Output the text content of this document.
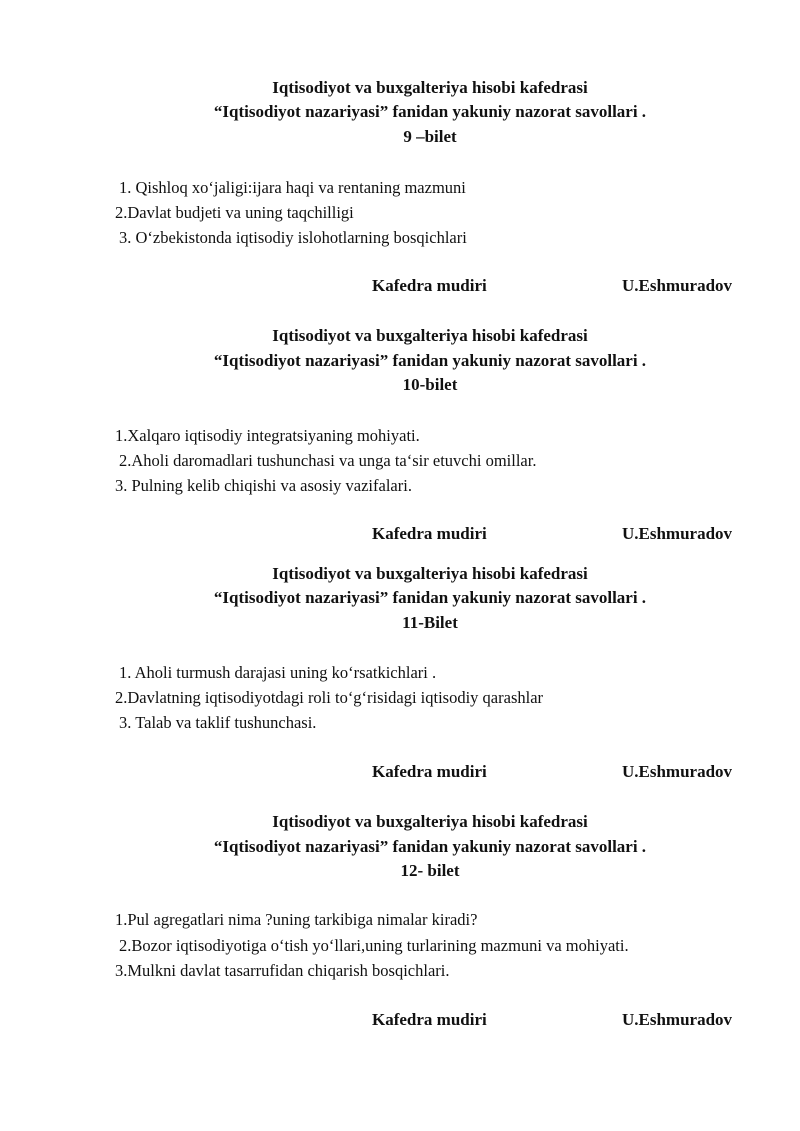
Iqtisodiyot va buxgalteriya hisobi kafedrasi
“Iqtisodiyot nazariyasi” fanidan yakuniy nazorat savollari .
9 –bilet
1. Qishloq xo‘jaligi:ijara haqi va rentaning mazmuni
2.Davlat budjeti va uning taqchilligi
3. O‘zbekistonda iqtisodiy islohotlarning bosqichlari
Kafedra mudiri	U.Eshmuradov
Iqtisodiyot va buxgalteriya hisobi kafedrasi
“Iqtisodiyot nazariyasi” fanidan yakuniy nazorat savollari .
10-bilet
1.Xalqaro iqtisodiy integratsiyaning mohiyati.
2.Aholi daromadlari tushunchasi va unga ta‘sir etuvchi omillar.
3. Pulning kelib chiqishi va asosiy vazifalari.
Kafedra mudiri	U.Eshmuradov
Iqtisodiyot va buxgalteriya hisobi kafedrasi
“Iqtisodiyot nazariyasi” fanidan yakuniy nazorat savollari .
11-Bilet
1. Aholi turmush darajasi uning ko‘rsatkichlari .
2.Davlatning iqtisodiyotdagi roli to‘g‘risidagi iqtisodiy qarashlar
3. Talab va taklif tushunchasi.
Kafedra mudiri	U.Eshmuradov
Iqtisodiyot va buxgalteriya hisobi kafedrasi
“Iqtisodiyot nazariyasi” fanidan yakuniy nazorat savollari .
12- bilet
1.Pul agregatlari nima ?uning tarkibiga nimalar kiradi?
2.Bozor iqtisodiyotiga o‘tish yo‘llari,uning turlarining mazmuni va mohiyati.
3.Mulkni davlat tasarrufidan chiqarish bosqichlari.
Kafedra mudiri	U.Eshmuradov
